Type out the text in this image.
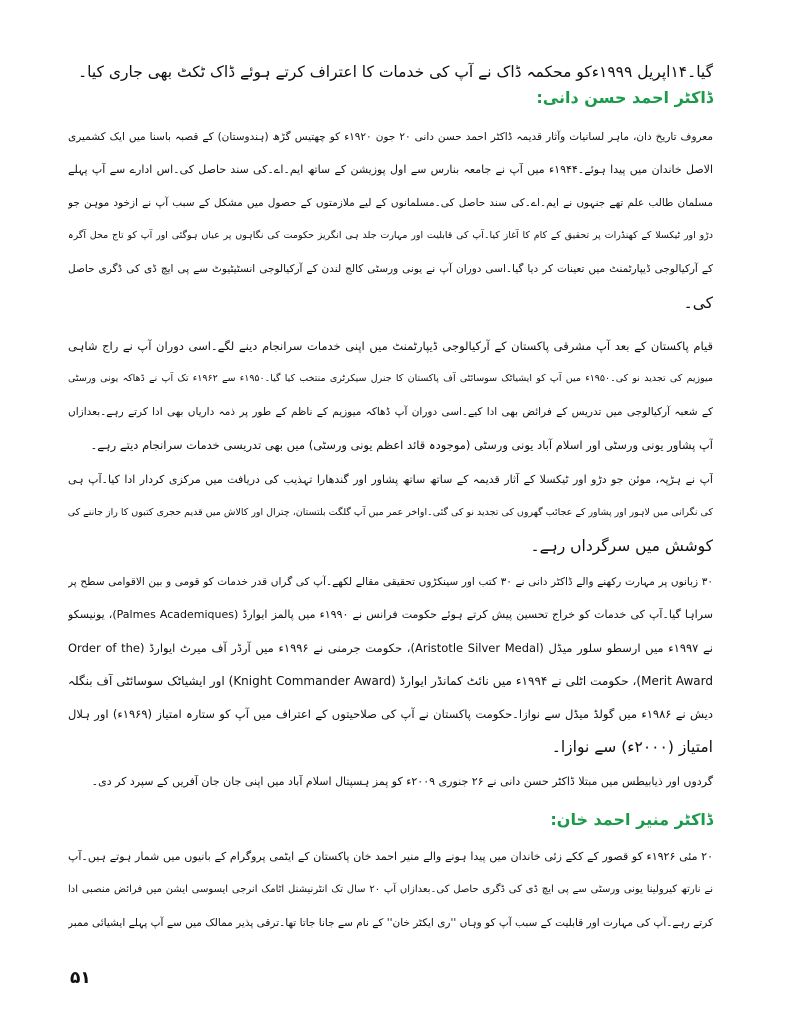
گیا۔۱۴اپریل ۱۹۹۹ءکو محکمہ ڈاک نے آپ کی خدمات کا اعتراف کرتے ہوئے ڈاک ٹکٹ بھی جاری کیا۔
ڈاکٹر احمد حسن دانی:
معروف تاریخ دان، ماہر لسانیات وآثار قدیمہ ڈاکٹر احمد حسن دانی ۲۰ جون ۱۹۲۰ء کو چھتیس گڑھ (ہندوستان) کے قصبہ باسنا میں ایک کشمیری
الاصل خاندان میں پیدا ہوئے۔۱۹۴۴ء میں آپ نے جامعہ بنارس سے اول پوزیشن کے ساتھ ایم۔اے۔کی سند حاصل کی۔اس ادارے سے آپ پہلے
مسلمان طالب علم تھے جنہوں نے ایم۔اے۔کی سند حاصل کی۔مسلمانوں کے لیے ملازمتوں کے حصول میں مشکل کے سبب آپ نے ازخود موہن جو
دڑو اور ٹیکسلا کے کھنڈرات پر تحقیق کے کام کا آغاز کیا۔آپ کی قابلیت اور مہارت جلد ہی انگریز حکومت کی نگاہوں پر عیاں ہوگئی اور آپ کو تاج محل آگرہ
کے آرکیالوجی ڈیپارٹمنٹ میں تعینات کر دیا گیا۔اسی دوران آپ نے یونی ورسٹی کالج لندن کے آرکیالوجی انسٹیٹیوٹ سے پی ایچ ڈی کی ڈگری حاصل
کی۔
قیام پاکستان کے بعد آپ مشرقی پاکستان کے آرکیالوجی ڈیپارٹمنٹ میں اپنی خدمات سرانجام دینے لگے۔اسی دوران آپ نے راج شاہی
میوزیم کی تجدید نو کی۔۱۹۵۰ء میں آپ کو ایشیاٹک سوسائٹی آف پاکستان کا جنرل سیکرٹری منتخب کیا گیا۔۱۹۵۰ء سے ۱۹۶۲ء تک آپ نے ڈھاکہ یونی ورسٹی
کے شعبہ آرکیالوجی میں تدریس کے فرائض بھی ادا کیے۔اسی دوران آپ ڈھاکہ میوزیم کے ناظم کے طور پر ذمہ داریاں بھی ادا کرتے رہے۔بعدازاں
آپ پشاور یونی ورسٹی اور اسلام آباد یونی ورسٹی (موجودہ قائد اعظم یونی ورسٹی) میں بھی تدریسی خدمات سرانجام دیتے رہے۔
آپ نے ہڑپہ، موئن جو دڑو اور ٹیکسلا کے آثار قدیمہ کے ساتھ ساتھ پشاور اور گندھارا تہذیب کی دریافت میں مرکزی کردار ادا کیا۔آپ ہی
کی نگرانی میں لاہور اور پشاور کے عجائب گھروں کی تجدید نو کی گئی۔اواخر عمر میں آپ گلگت بلتستان، چترال اور کالاش میں قدیم حجری کتبوں کا راز جاننے کی
کوشش میں سرگرداں رہے۔
۳۰ زبانوں پر مہارت رکھنے والے ڈاکٹر دانی نے ۳۰ کتب اور سینکڑوں تحقیقی مقالے لکھے۔آپ کی گراں قدر خدمات کو قومی و بین الاقوامی سطح پر
سراہا گیا۔آپ کی خدمات کو خراج تحسین پیش کرتے ہوئے حکومت فرانس نے ۱۹۹۰ء میں پالمز ایوارڈ (Palmes Academiques)، یونیسکو
نے ۱۹۹۷ء میں ارسطو سلور میڈل (Aristotle Silver Medal)، حکومت جرمنی نے ۱۹۹۶ء میں آرڈر آف میرٹ ایوارڈ (Order of the
Merit Award)، حکومت اٹلی نے ۱۹۹۴ء میں نائٹ کمانڈر ایوارڈ (Knight Commander Award) اور ایشیاٹک سوسائٹی آف بنگلہ
دیش نے ۱۹۸۶ء میں گولڈ میڈل سے نوازا۔حکومت پاکستان نے آپ کی صلاحیتوں کے اعتراف میں آپ کو ستارہ امتیاز (۱۹۶۹ء) اور ہلال
امتیاز (۲۰۰۰ء) سے نوازا۔
گردوں اور ذیابیطس میں مبتلا ڈاکٹر حسن دانی نے ۲۶ جنوری ۲۰۰۹ء کو پمز ہسپتال اسلام آباد میں اپنی جان جان آفریں کے سپرد کر دی۔
ڈاکٹر منیر احمد خان:
۲۰ مئی ۱۹۲۶ء کو قصور کے ککے زئی خاندان میں پیدا ہونے والے منیر احمد خان پاکستان کے ایٹمی پروگرام کے بانیوں میں شمار ہوتے ہیں۔آپ
نے نارتھ کیرولینا یونی ورسٹی سے پی ایچ ڈی کی ڈگری حاصل کی۔بعدازاں آپ ۲۰ سال تک انٹرنیشنل اٹامک انرجی ایسوسی ایشن میں فرائض منصبی ادا
کرتے رہے۔آپ کی مہارت اور قابلیت کے سبب آپ کو وہاں ''ری ایکٹر خان'' کے نام سے جانا جاتا تھا۔ترقی پذیر ممالک میں سے آپ پہلے ایشیائی ممبر
۵۱
